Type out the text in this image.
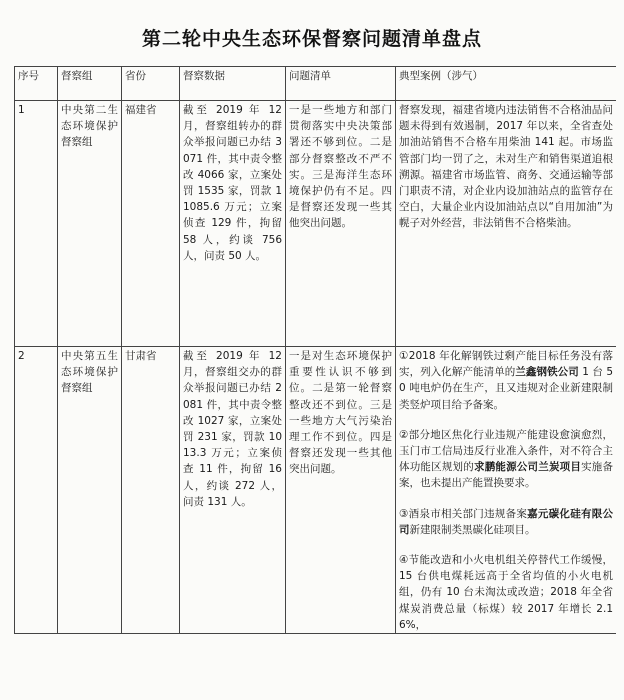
第二轮中央生态环保督察问题清单盘点
序号	督察组	省份	督察数据	问题清单	典型案例（涉气）
1	中央第二生态环境保护督察组	福建省	截至 2019 年 12 月，督察组转办的群众举报问题已办结 3071 件，其中责令整改 4066 家，立案处罚 1535 家，罚款 11085.6 万元；立案侦查 129 件，拘留 58 人，约谈 756 人，问责 50 人。	一是一些地方和部门贯彻落实中央决策部署还不够到位。二是部分督察整改不严不实。三是海洋生态环境保护仍有不足。四是督察还发现一些其他突出问题。	督察发现，福建省境内违法销售不合格油品问题未得到有效遏制，2017 年以来，全省查处加油站销售不合格车用柴油 141 起。市场监管部门均一罚了之，未对生产和销售渠道追根溯源。福建省市场监管、商务、交通运输等部门职责不清，对企业内设加油站点的监管存在空白，大量企业内设加油站点以“自用加油”为幌子对外经营，非法销售不合格柴油。

2	中央第五生态环境保护督察组	甘肃省	截至 2019 年 12 月，督察组交办的群众举报问题已办结 2081 件，其中责令整改 1027 家，立案处罚 231 家，罚款 1013.3 万元；立案侦查 11 件，拘留 16 人，约谈 272 人，问责 131 人。	一是对生态环境保护重要性认识不够到位。二是第一轮督察整改还不到位。三是一些地方大气污染治理工作不到位。四是督察还发现一些其他突出问题。	①2018 年化解钢铁过剩产能目标任务没有落实，列入化解产能清单的兰鑫钢铁公司 1 台 50 吨电炉仍在生产，且又违规对企业新建限制类竖炉项目给予备案。
②部分地区焦化行业违规产能建设愈演愈烈，玉门市工信局违反行业准入条件，对不符合主体功能区规划的求鹏能源公司兰炭项目实施备案，也未提出产能置换要求。
③酒泉市相关部门违规备案嘉元碳化硅有限公司新建限制类黑碳化硅项目。
④节能改造和小火电机组关停替代工作缓慢，15 台供电煤耗远高于全省均值的小火电机组，仍有 10 台未淘汰或改造；2018 年全省煤炭消费总量（标煤）较 2017 年增长 2.16%，
